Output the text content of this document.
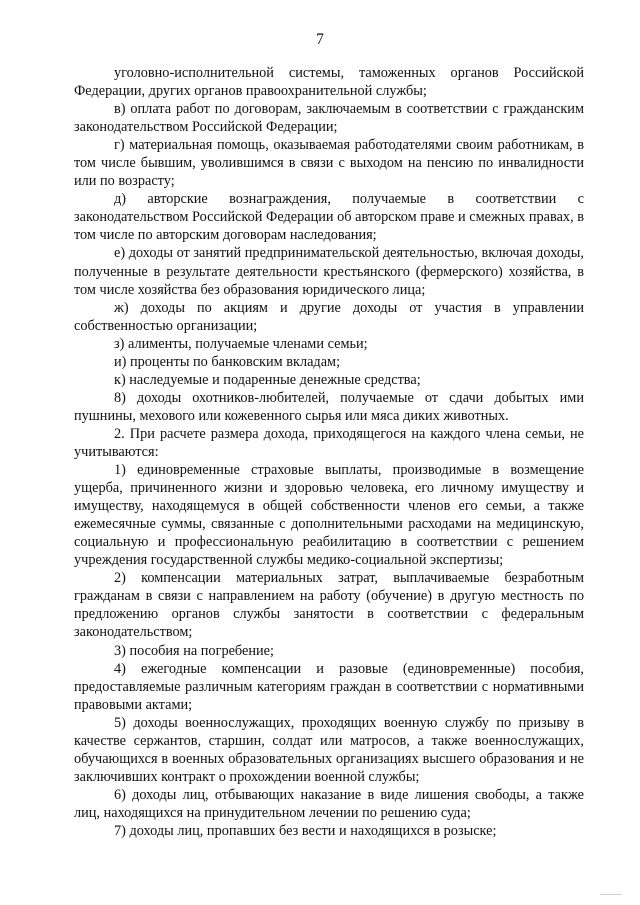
7

уголовно-исполнительной системы, таможенных органов Российской Федерации, других органов правоохранительной службы;

в) оплата работ по договорам, заключаемым в соответствии с гражданским законодательством Российской Федерации;

г) материальная помощь, оказываемая работодателями своим работникам, в том числе бывшим, уволившимся в связи с выходом на пенсию по инвалидности или по возрасту;

д) авторские вознаграждения, получаемые в соответствии с законодательством Российской Федерации об авторском праве и смежных правах, в том числе по авторским договорам наследования;

е) доходы от занятий предпринимательской деятельностью, включая доходы, полученные в результате деятельности крестьянского (фермерского) хозяйства, в том числе хозяйства без образования юридического лица;

ж) доходы по акциям и другие доходы от участия в управлении собственностью организации;

з) алименты, получаемые членами семьи;

и) проценты по банковским вкладам;

к) наследуемые и подаренные денежные средства;

8) доходы охотников-любителей, получаемые от сдачи добытых ими пушнины, мехового или кожевенного сырья или мяса диких животных.

2. При расчете размера дохода, приходящегося на каждого члена семьи, не учитываются:

1) единовременные страховые выплаты, производимые в возмещение ущерба, причиненного жизни и здоровью человека, его личному имуществу и имуществу, находящемуся в общей собственности членов его семьи, а также ежемесячные суммы, связанные с дополнительными расходами на медицинскую, социальную и профессиональную реабилитацию в соответствии с решением учреждения государственной службы медико-социальной экспертизы;

2) компенсации материальных затрат, выплачиваемые безработным гражданам в связи с направлением на работу (обучение) в другую местность по предложению органов службы занятости в соответствии с федеральным законодательством;

3) пособия на погребение;

4) ежегодные компенсации и разовые (единовременные) пособия, предоставляемые различным категориям граждан в соответствии с нормативными правовыми актами;

5) доходы военнослужащих, проходящих военную службу по призыву в качестве сержантов, старшин, солдат или матросов, а также военнослужащих, обучающихся в военных образовательных организациях высшего образования и не заключивших контракт о прохождении военной службы;

6) доходы лиц, отбывающих наказание в виде лишения свободы, а также лиц, находящихся на принудительном лечении по решению суда;

7) доходы лиц, пропавших без вести и находящихся в розыске;
